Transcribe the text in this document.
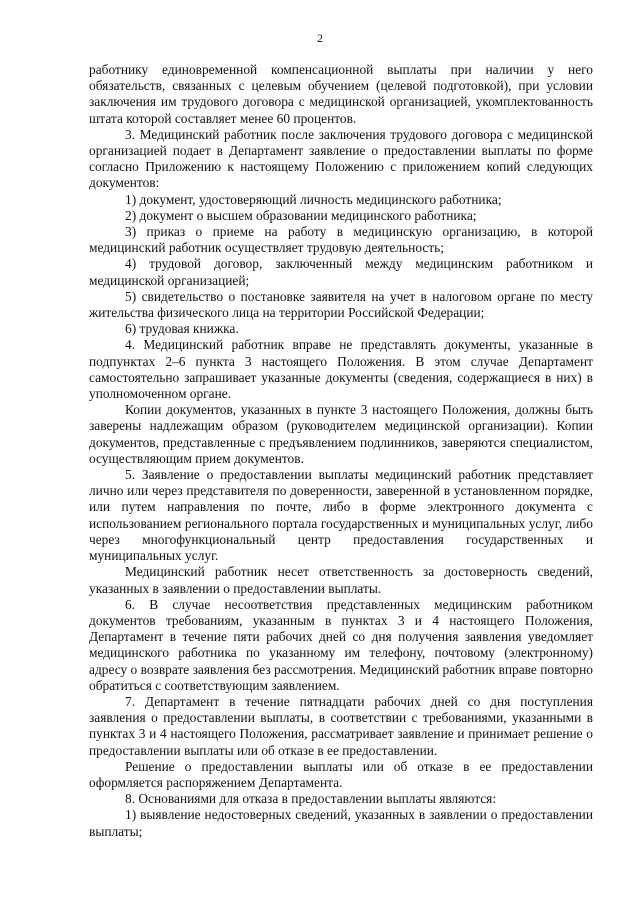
2

работнику единовременной компенсационной выплаты при наличии у него обязательств, связанных с целевым обучением (целевой подготовкой), при условии заключения им трудового договора с медицинской организацией, укомплектованность штата которой составляет менее 60 процентов.

3. Медицинский работник после заключения трудового договора с медицинской организацией подает в Департамент заявление о предоставлении выплаты по форме согласно Приложению к настоящему Положению с приложением копий следующих документов:

1) документ, удостоверяющий личность медицинского работника;

2) документ о высшем образовании медицинского работника;

3) приказ о приеме на работу в медицинскую организацию, в которой медицинский работник осуществляет трудовую деятельность;

4) трудовой договор, заключенный между медицинским работником и медицинской организацией;

5) свидетельство о постановке заявителя на учет в налоговом органе по месту жительства физического лица на территории Российской Федерации;

6) трудовая книжка.

4. Медицинский работник вправе не представлять документы, указанные в подпунктах 2–6 пункта 3 настоящего Положения. В этом случае Департамент самостоятельно запрашивает указанные документы (сведения, содержащиеся в них) в уполномоченном органе.

Копии документов, указанных в пункте 3 настоящего Положения, должны быть заверены надлежащим образом (руководителем медицинской организации). Копии документов, представленные с предъявлением подлинников, заверяются специалистом, осуществляющим прием документов.

5. Заявление о предоставлении выплаты медицинский работник представляет лично или через представителя по доверенности, заверенной в установленном порядке, или путем направления по почте, либо в форме электронного документа с использованием регионального портала государственных и муниципальных услуг, либо через многофункциональный центр предоставления государственных и муниципальных услуг.

Медицинский работник несет ответственность за достоверность сведений, указанных в заявлении о предоставлении выплаты.

6. В случае несоответствия представленных медицинским работником документов требованиям, указанным в пунктах 3 и 4 настоящего Положения, Департамент в течение пяти рабочих дней со дня получения заявления уведомляет медицинского работника по указанному им телефону, почтовому (электронному) адресу о возврате заявления без рассмотрения. Медицинский работник вправе повторно обратиться с соответствующим заявлением.

7. Департамент в течение пятнадцати рабочих дней со дня поступления заявления о предоставлении выплаты, в соответствии с требованиями, указанными в пунктах 3 и 4 настоящего Положения, рассматривает заявление и принимает решение о предоставлении выплаты или об отказе в ее предоставлении.

Решение о предоставлении выплаты или об отказе в ее предоставлении оформляется распоряжением Департамента.

8. Основаниями для отказа в предоставлении выплаты являются:

1) выявление недостоверных сведений, указанных в заявлении о предоставлении выплаты;
